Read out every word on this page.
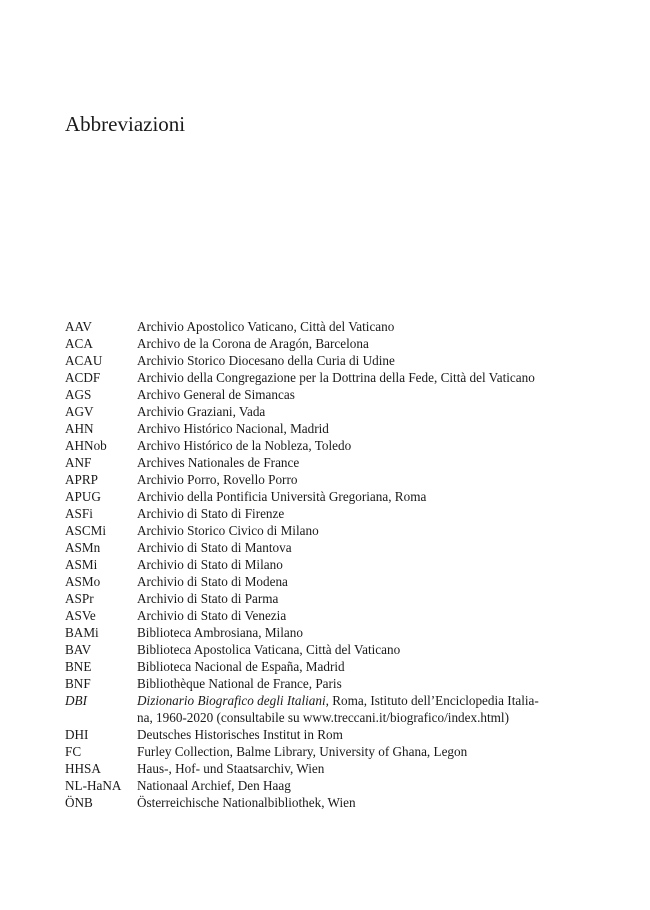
Abbreviazioni
AAV	Archivio Apostolico Vaticano, Città del Vaticano
ACA	Archivo de la Corona de Aragón, Barcelona
ACAU	Archivio Storico Diocesano della Curia di Udine
ACDF	Archivio della Congregazione per la Dottrina della Fede, Città del Vaticano
AGS	Archivo General de Simancas
AGV	Archivio Graziani, Vada
AHN	Archivo Histórico Nacional, Madrid
AHNob	Archivo Histórico de la Nobleza, Toledo
ANF	Archives Nationales de France
APRP	Archivio Porro, Rovello Porro
APUG	Archivio della Pontificia Università Gregoriana, Roma
ASFi	Archivio di Stato di Firenze
ASCMi	Archivio Storico Civico di Milano
ASMn	Archivio di Stato di Mantova
ASMi	Archivio di Stato di Milano
ASMo	Archivio di Stato di Modena
ASPr	Archivio di Stato di Parma
ASVe	Archivio di Stato di Venezia
BAMi	Biblioteca Ambrosiana, Milano
BAV	Biblioteca Apostolica Vaticana, Città del Vaticano
BNE	Biblioteca Nacional de España, Madrid
BNF	Bibliothèque National de France, Paris
DBI	Dizionario Biografico degli Italiani, Roma, Istituto dell’Enciclopedia Italia-
na, 1960-2020 (consultabile su www.treccani.it/biografico/index.html)
DHI	Deutsches Historisches Institut in Rom
FC	Furley Collection, Balme Library, University of Ghana, Legon
HHSA	Haus-, Hof- und Staatsarchiv, Wien
NL-HaNA	Nationaal Archief, Den Haag
ÖNB	Österreichische Nationalbibliothek, Wien
